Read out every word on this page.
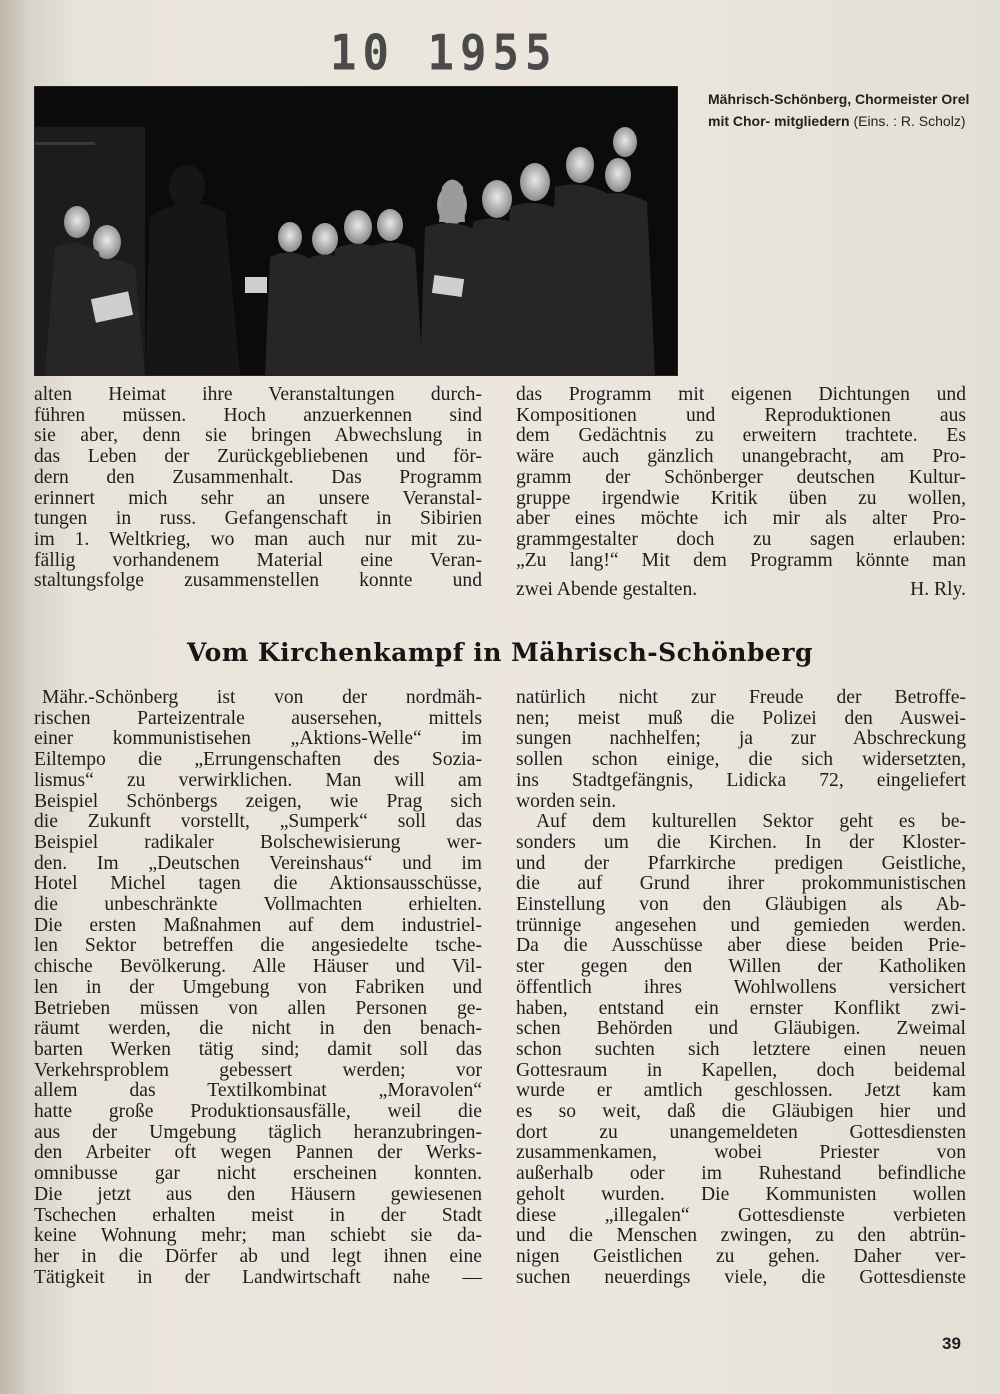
10 1955
Mährisch-Schönberg, Chormeister Orel mit Chor- mitgliedern (Eins. : R. Scholz)
alten Heimat ihre Veranstaltungen durch-
führen müssen. Hoch anzuerkennen sind
sie aber, denn sie bringen Abwechslung in
das Leben der Zurückgebliebenen und för-
dern den Zusammenhalt. Das Programm
erinnert mich sehr an unsere Veranstal-
tungen in russ. Gefangenschaft in Sibirien
im 1. Weltkrieg, wo man auch nur mit zu-
fällig vorhandenem Material eine Veran-
staltungsfolge zusammenstellen konnte und
das Programm mit eigenen Dichtungen und
Kompositionen und Reproduktionen aus
dem Gedächtnis zu erweitern trachtete. Es
wäre auch gänzlich unangebracht, am Pro-
gramm der Schönberger deutschen Kultur-
gruppe irgendwie Kritik üben zu wollen,
aber eines möchte ich mir als alter Pro-
grammgestalter doch zu sagen erlauben:
„Zu lang!“ Mit dem Programm könnte man
zwei Abende gestalten.	H. Rly.
Vom Kirchenkampf in Mährisch-Schönberg
Mähr.-Schönberg ist von der nordmäh-
rischen Parteizentrale ausersehen, mittels
einer kommunistisehen „Aktions-Welle“ im
Eiltempo die „Errungenschaften des Sozia-
lismus“ zu verwirklichen. Man will am
Beispiel Schönbergs zeigen, wie Prag sich
die Zukunft vorstellt, „Sumperk“ soll das
Beispiel radikaler Bolschewisierung wer-
den. Im „Deutschen Vereinshaus“ und im
Hotel Michel tagen die Aktionsausschüsse,
die unbeschränkte Vollmachten erhielten.
Die ersten Maßnahmen auf dem industriel-
len Sektor betreffen die angesiedelte tsche-
chische Bevölkerung. Alle Häuser und Vil-
len in der Umgebung von Fabriken und
Betrieben müssen von allen Personen ge-
räumt werden, die nicht in den benach-
barten Werken tätig sind; damit soll das
Verkehrsproblem gebessert werden; vor
allem das Textilkombinat „Moravolen“
hatte große Produktionsausfälle, weil die
aus der Umgebung täglich heranzubringen-
den Arbeiter oft wegen Pannen der Werks-
omnibusse gar nicht erscheinen konnten.
Die jetzt aus den Häusern gewiesenen
Tschechen erhalten meist in der Stadt
keine Wohnung mehr; man schiebt sie da-
her in die Dörfer ab und legt ihnen eine
Tätigkeit in der Landwirtschaft nahe —
natürlich nicht zur Freude der Betroffe-
nen; meist muß die Polizei den Auswei-
sungen nachhelfen; ja zur Abschreckung
sollen schon einige, die sich widersetzten,
ins Stadtgefängnis, Lidicka 72, eingeliefert
worden sein.
Auf dem kulturellen Sektor geht es be-
sonders um die Kirchen. In der Kloster-
und der Pfarrkirche predigen Geistliche,
die auf Grund ihrer prokommunistischen
Einstellung von den Gläubigen als Ab-
trünnige angesehen und gemieden werden.
Da die Ausschüsse aber diese beiden Prie-
ster gegen den Willen der Katholiken
öffentlich ihres Wohlwollens versichert
haben, entstand ein ernster Konflikt zwi-
schen Behörden und Gläubigen. Zweimal
schon suchten sich letztere einen neuen
Gottesraum in Kapellen, doch beidemal
wurde er amtlich geschlossen. Jetzt kam
es so weit, daß die Gläubigen hier und
dort zu unangemeldeten Gottesdiensten
zusammenkamen, wobei Priester von
außerhalb oder im Ruhestand befindliche
geholt wurden. Die Kommunisten wollen
diese „illegalen“ Gottesdienste verbieten
und die Menschen zwingen, zu den abtrün-
nigen Geistlichen zu gehen. Daher ver-
suchen neuerdings viele, die Gottesdienste
39
